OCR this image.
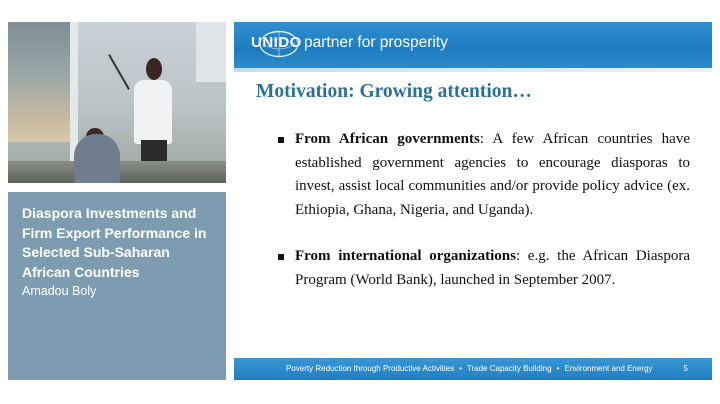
Diaspora Investments and Firm Export Performance in Selected Sub-Saharan African Countries
Amadou Boly
UNIDO partner for prosperity
Motivation: Growing attention…
From African governments: A few African countries have established government agencies to encourage diasporas to invest, assist local communities and/or provide policy advice (ex. Ethiopia, Ghana, Nigeria, and Uganda).
From international organizations: e.g. the African Diaspora Program (World Bank), launched in September 2007.
Poverty Reduction through Productive Activities • Trade Capacity Building • Environment and Energy	5
